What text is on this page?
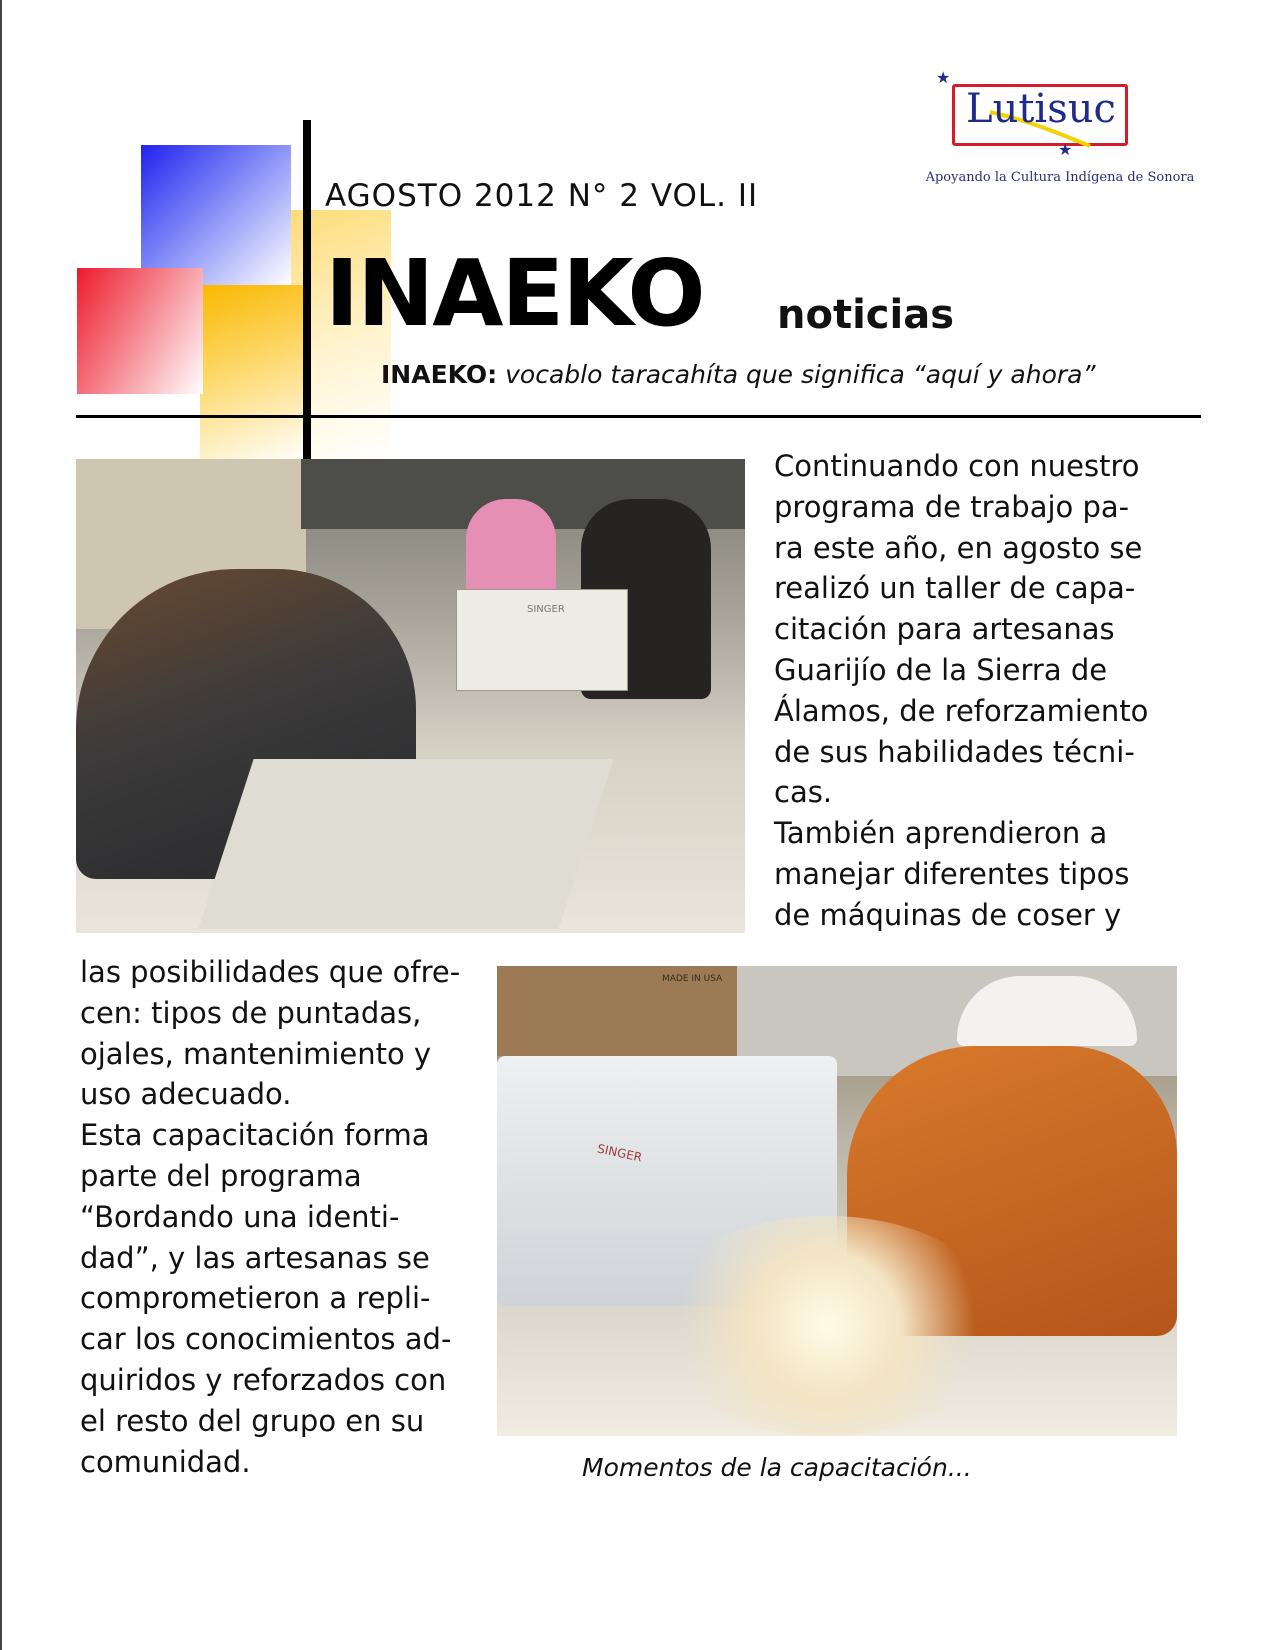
AGOSTO 2012 N° 2 VOL. II
INAEKO noticias
INAEKO: vocablo taracahíta que significa “aquí y ahora”
★
Lutisuc
★
Apoyando la Cultura Indígena de Sonora
SINGER
Continuando con nuestro
programa de trabajo pa-
ra este año, en agosto se
realizó un taller de capa-
citación para artesanas
Guarijío de la Sierra de
Álamos, de reforzamiento
de sus habilidades técni-
cas.
También aprendieron a
manejar diferentes tipos
de máquinas de coser y
las posibilidades que ofre-
cen: tipos de puntadas,
ojales, mantenimiento y
uso adecuado.
Esta capacitación forma
parte del programa
“Bordando una identi-
dad”, y las artesanas se
comprometieron a repli-
car los conocimientos ad-
quiridos y reforzados con
el resto del grupo en su
comunidad.
MADE IN USA
SINGER
Momentos de la capacitación...
